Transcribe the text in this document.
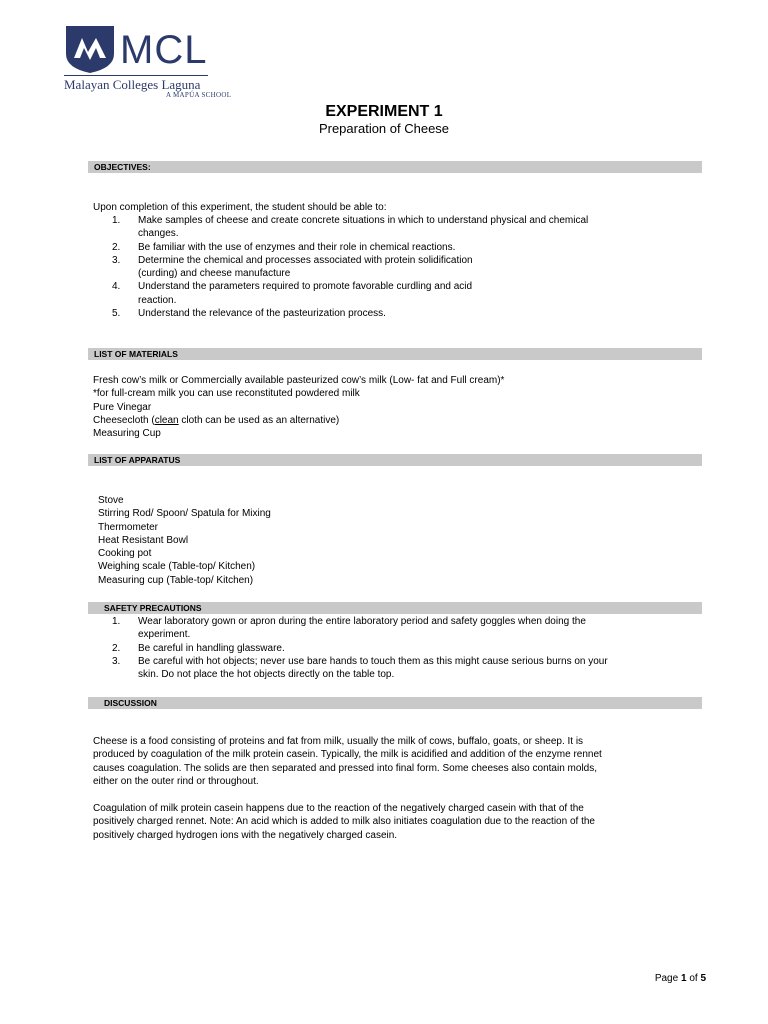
MCL
Malayan Colleges Laguna
A MAPÚA SCHOOL
EXPERIMENT 1
Preparation of Cheese
OBJECTIVES:
Upon completion of this experiment, the student should be able to:
1. Make samples of cheese and create concrete situations in which to understand physical and chemical
changes.
2. Be familiar with the use of enzymes and their role in chemical reactions.
3. Determine the chemical and processes associated with protein solidification
(curding) and cheese manufacture
4. Understand the parameters required to promote favorable curdling and acid
reaction.
5. Understand the relevance of the pasteurization process.
LIST OF MATERIALS
Fresh cow’s milk or Commercially available pasteurized cow’s milk (Low- fat and Full cream)*
*for full-cream milk you can use reconstituted powdered milk
Pure Vinegar
Cheesecloth (clean cloth can be used as an alternative)
Measuring Cup
LIST OF APPARATUS
Stove
Stirring Rod/ Spoon/ Spatula for Mixing
Thermometer
Heat Resistant Bowl
Cooking pot
Weighing scale (Table-top/ Kitchen)
Measuring cup (Table-top/ Kitchen)
SAFETY PRECAUTIONS
1. Wear laboratory gown or apron during the entire laboratory period and safety goggles when doing the
experiment.
2. Be careful in handling glassware.
3. Be careful with hot objects; never use bare hands to touch them as this might cause serious burns on your
skin. Do not place the hot objects directly on the table top.
DISCUSSION
Cheese is a food consisting of proteins and fat from milk, usually the milk of cows, buffalo, goats, or sheep. It is
produced by coagulation of the milk protein casein. Typically, the milk is acidified and addition of the enzyme rennet
causes coagulation. The solids are then separated and pressed into final form. Some cheeses also contain molds,
either on the outer rind or throughout.
Coagulation of milk protein casein happens due to the reaction of the negatively charged casein with that of the
positively charged rennet. Note: An acid which is added to milk also initiates coagulation due to the reaction of the
positively charged hydrogen ions with the negatively charged casein.
Page 1 of 5
